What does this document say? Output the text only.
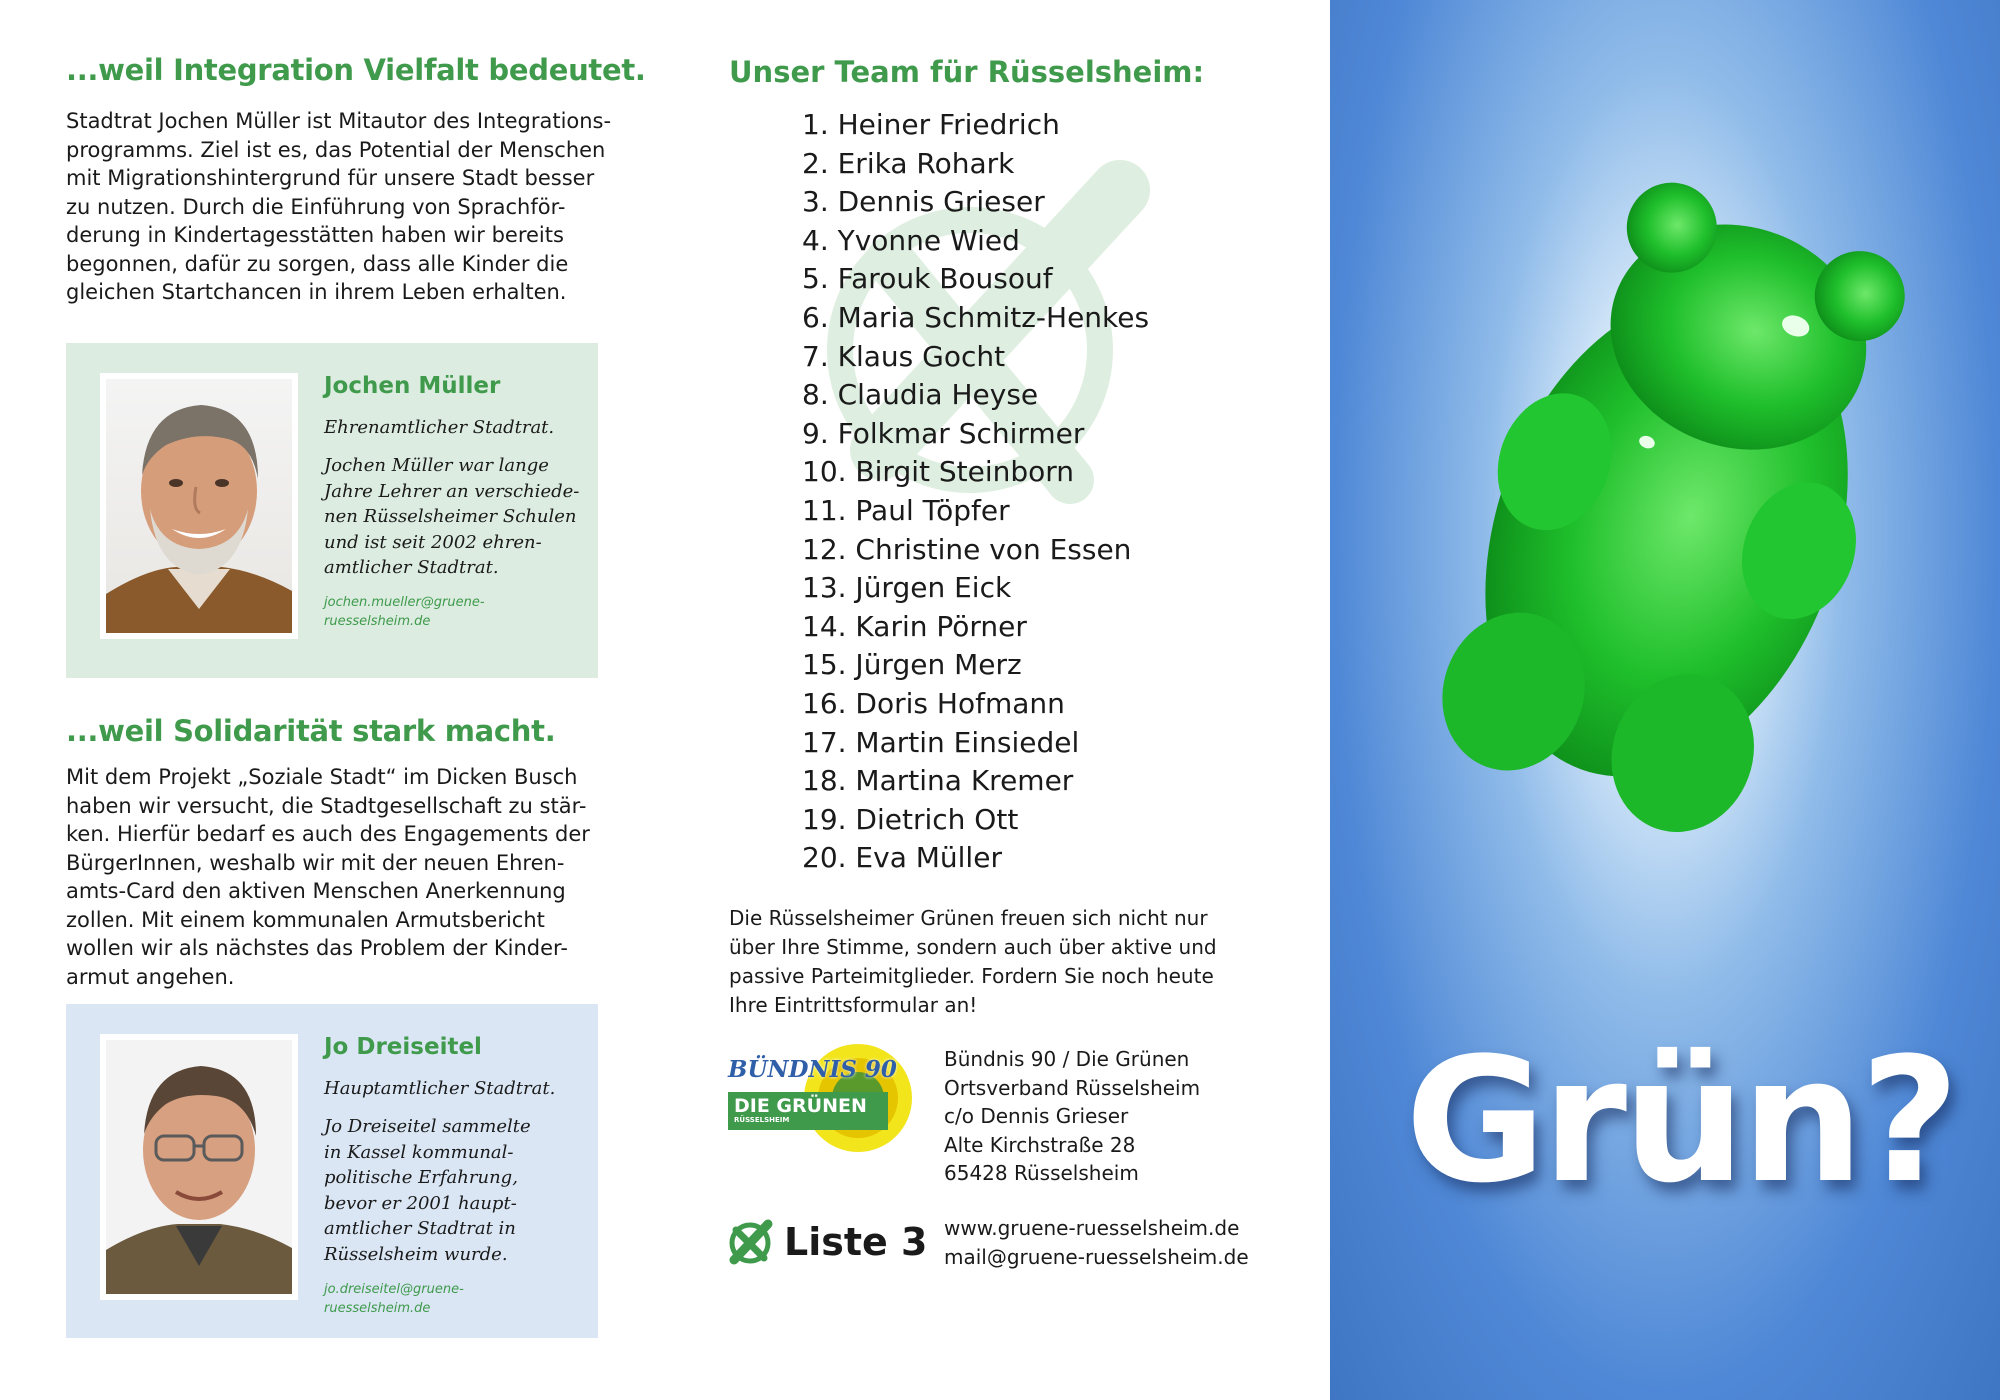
...weil Integration Vielfalt bedeutet.
Stadtrat Jochen Müller ist Mitautor des Integrations-
programms. Ziel ist es, das Potential der Menschen
mit Migrationshintergrund für unsere Stadt besser
zu nutzen. Durch die Einführung von Sprachför-
derung in Kindertagesstätten haben wir bereits
begonnen, dafür zu sorgen, dass alle Kinder die
gleichen Startchancen in ihrem Leben erhalten.
Jochen Müller
Ehrenamtlicher Stadtrat.
Jochen Müller war lange
Jahre Lehrer an verschiede-
nen Rüsselsheimer Schulen
und ist seit 2002 ehren-
amtlicher Stadtrat.
jochen.mueller@gruene-
ruesselsheim.de
...weil Solidarität stark macht.
Mit dem Projekt „Soziale Stadt“ im Dicken Busch
haben wir versucht, die Stadtgesellschaft zu stär-
ken. Hierfür bedarf es auch des Engagements der
BürgerInnen, weshalb wir mit der neuen Ehren-
amts-Card den aktiven Menschen Anerkennung
zollen. Mit einem kommunalen Armutsbericht
wollen wir als nächstes das Problem der Kinder-
armut angehen.
Jo Dreiseitel
Hauptamtlicher Stadtrat.
Jo Dreiseitel sammelte
in Kassel kommunal-
politische Erfahrung,
bevor er 2001 haupt-
amtlicher Stadtrat in
Rüsselsheim wurde.
jo.dreiseitel@gruene-
ruesselsheim.de
Unser Team für Rüsselsheim:
1. Heiner Friedrich
2. Erika Rohark
3. Dennis Grieser
4. Yvonne Wied
5. Farouk Bousouf
6. Maria Schmitz-Henkes
7. Klaus Gocht
8. Claudia Heyse
9. Folkmar Schirmer
10. Birgit Steinborn
11. Paul Töpfer
12. Christine von Essen
13. Jürgen Eick
14. Karin Pörner
15. Jürgen Merz
16. Doris Hofmann
17. Martin Einsiedel
18. Martina Kremer
19. Dietrich Ott
20. Eva Müller
Die Rüsselsheimer Grünen freuen sich nicht nur
über Ihre Stimme, sondern auch über aktive und
passive Parteimitglieder. Fordern Sie noch heute
Ihre Eintrittsformular an!
BÜNDNIS 90
DIE GRÜNEN
RÜSSELSHEIM
Bündnis 90 / Die Grünen
Ortsverband Rüsselsheim
c/o Dennis Grieser
Alte Kirchstraße 28
65428 Rüsselsheim
Liste 3 www.gruene-ruesselsheim.de
mail@gruene-ruesselsheim.de
Grün?
